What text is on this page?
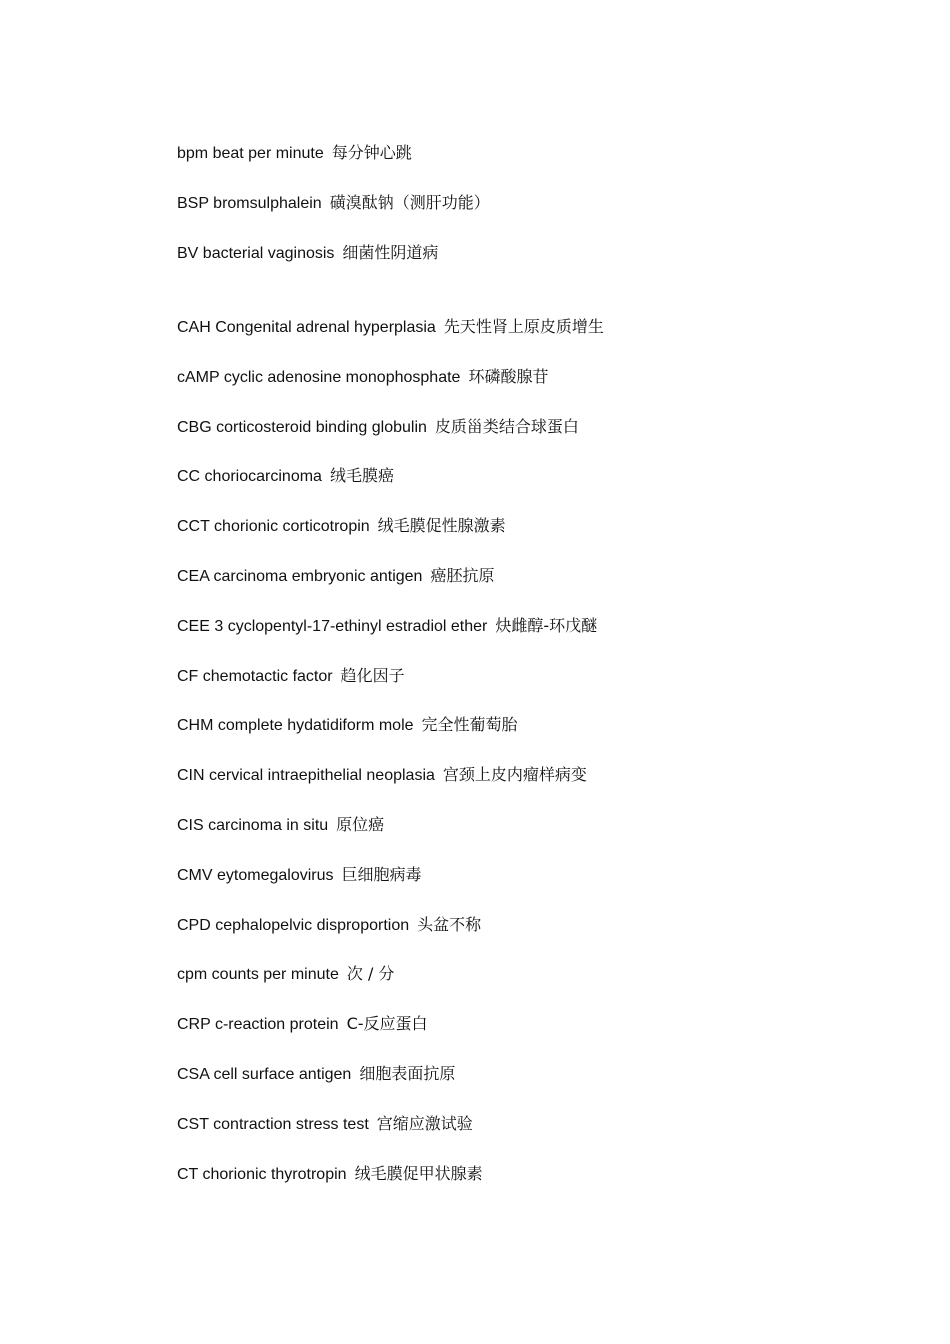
bpm beat per minute 每分钟心跳
BSP bromsulphalein 磺溴酞钠（测肝功能）
BV bacterial vaginosis 细菌性阴道病
CAH Congenital adrenal hyperplasia 先天性肾上原皮质增生
cAMP cyclic adenosine monophosphate 环磷酸腺苷
CBG corticosteroid binding globulin 皮质甾类结合球蛋白
CC choriocarcinoma 绒毛膜癌
CCT chorionic corticotropin 绒毛膜促性腺激素
CEA carcinoma embryonic antigen 癌胚抗原
CEE 3 cyclopentyl-17-ethinyl estradiol ether 炔雌醇-环戊醚
CF chemotactic factor 趋化因子
CHM complete hydatidiform mole 完全性葡萄胎
CIN cervical intraepithelial neoplasia 宫颈上皮内瘤样病变
CIS carcinoma in situ 原位癌
CMV eytomegalovirus 巨细胞病毒
CPD cephalopelvic disproportion 头盆不称
cpm counts per minute 次 / 分
CRP c-reaction protein C-反应蛋白
CSA cell surface antigen 细胞表面抗原
CST contraction stress test 宫缩应激试验
CT chorionic thyrotropin 绒毛膜促甲状腺素
